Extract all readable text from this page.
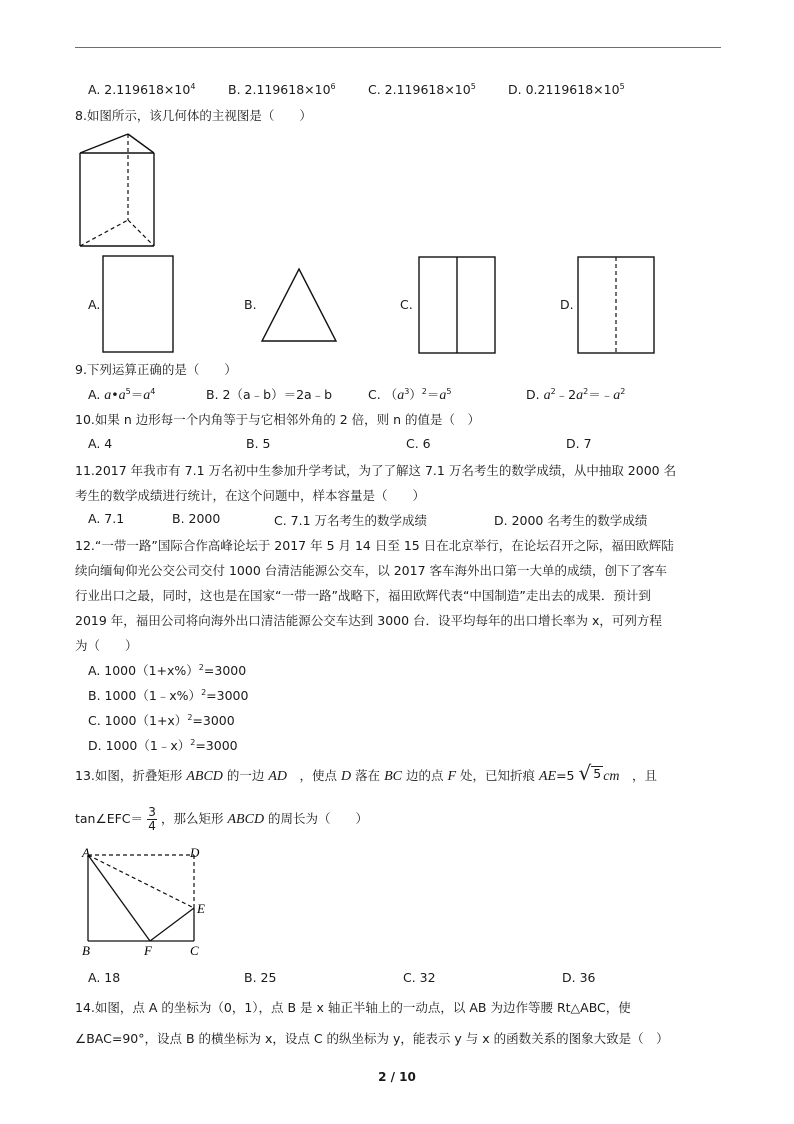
A. $2.119618\times 10^4$	B. $2.119618\times 10^6$	C. $2.119618\times 10^5$	D. $0.2119618\times 10^5$
8.如图所示，该几何体的主视图是（　　）
A.	B.	C.	D.
9.下列运算正确的是（　　）
A. $a•a^5=a^4$	B. 2（a﹣b）＝2a﹣b	C. $(a^3)^2=a^5$	D. $a^2﹣2a^2=﹣a^2$
10.如果 n 边形每一个内角等于与它相邻外角的 2 倍，则 n 的值是（　）
A. 4	B. 5	C. 6	D. 7
11.2017 年我市有 7.1 万名初中生参加升学考试，为了了解这 7.1 万名考生的数学成绩，从中抽取 2000 名
考生的数学成绩进行统计，在这个问题中，样本容量是（　　）
A. 7.1	B. 2000	C. 7.1 万名考生的数学成绩	D. 2000 名考生的数学成绩
12.“一带一路”国际合作高峰论坛于 2017 年 5 月 14 日至 15 日在北京举行，在论坛召开之际，福田欧辉陆
续向缅甸仰光公交公司交付 1000 台清洁能源公交车，以 2017 客车海外出口第一大单的成绩，创下了客车
行业出口之最，同时，这也是在国家“一带一路”战略下，福田欧辉代表“中国制造”走出去的成果．预计到
2019 年，福田公司将向海外出口清洁能源公交车达到 3000 台．设平均每年的出口增长率为 x，可列方程
为（　　）
A. $1000(1+x\%)^2=3000$
B. 1000（1﹣x%）$^2$=3000
C. $1000(1+x)^2=3000$
D. 1000（1﹣x）$^2$=3000
13.如图，折叠矩形 ABCD 的一边 AD　，使点 D 落在 BC 边的点 F 处，已知折痕 AE=5 √ 5 cm　，且
tan∠EFC＝ $\frac{3}{4}$ ，那么矩形 ABCD 的周长为（　　）
A	D
E
B	F	C
A. 18	B. 25	C. 32	D. 36
14.如图，点 A 的坐标为（0，1），点 B 是 x 轴正半轴上的一动点，以 AB 为边作等腰 Rt△ABC，使
∠BAC=90°，设点 B 的横坐标为 x，设点 C 的纵坐标为 y，能表示 y 与 x 的函数关系的图象大致是（　）
2 / 10
